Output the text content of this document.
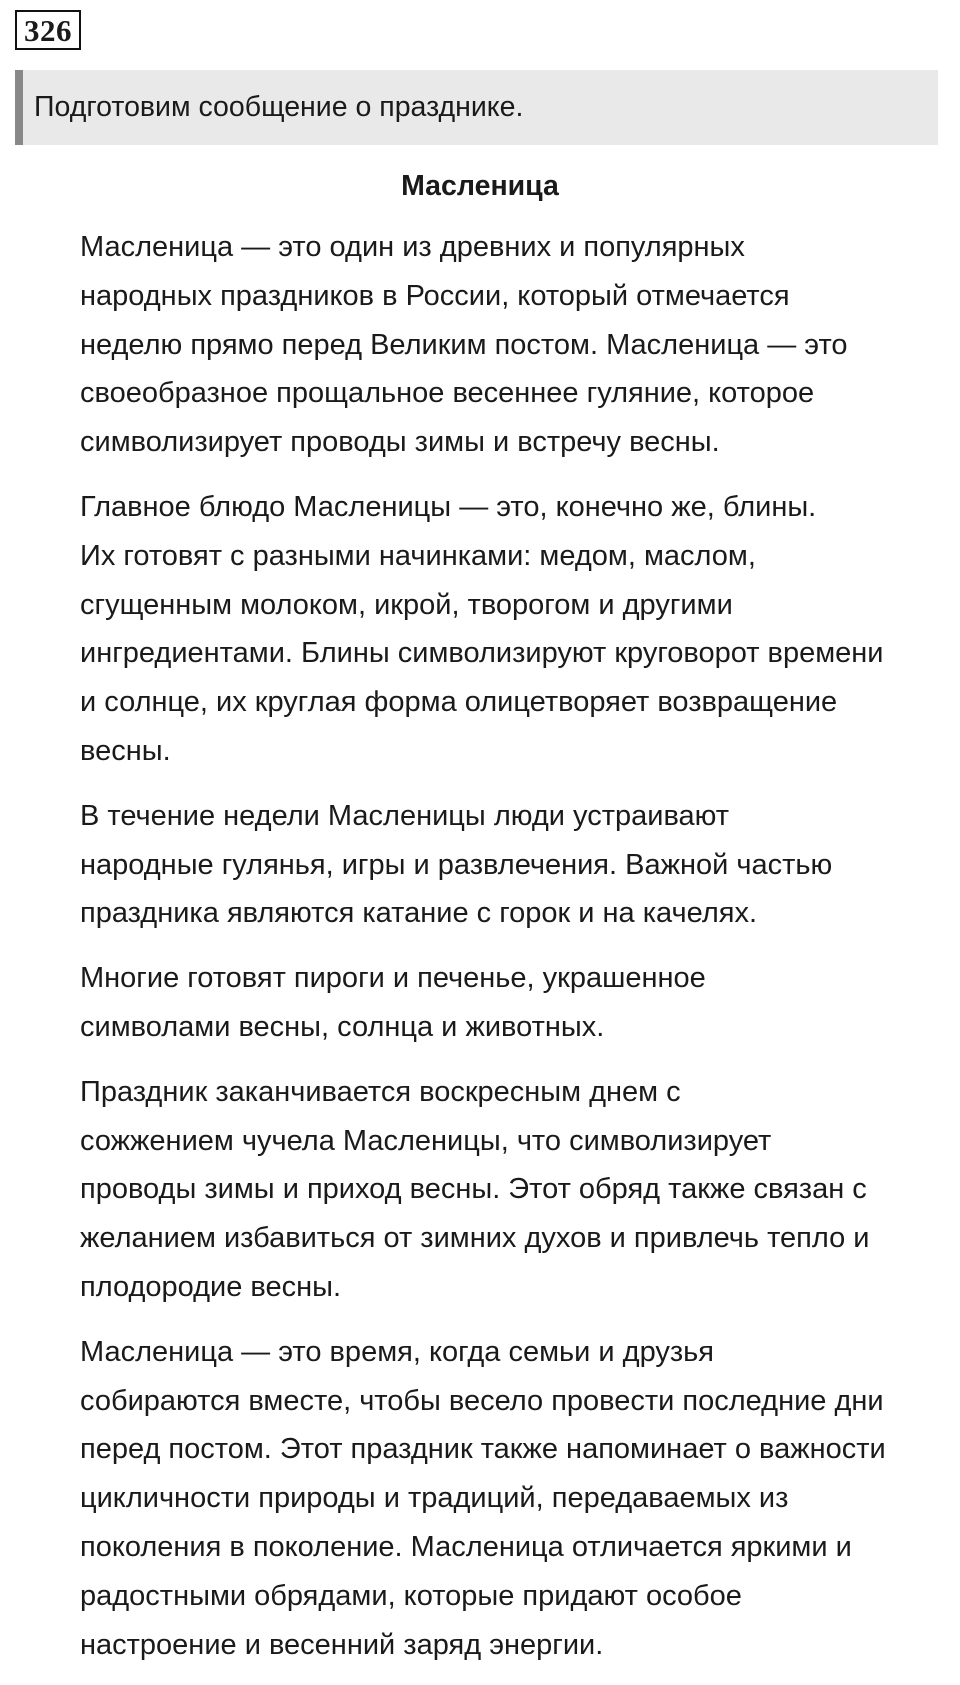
326
Подготовим сообщение о празднике.
Масленица

Масленица — это один из древних и популярных
народных праздников в России, который отмечается
неделю прямо перед Великим постом. Масленица — это
своеобразное прощальное весеннее гуляние, которое
символизирует проводы зимы и встречу весны.

Главное блюдо Масленицы — это, конечно же, блины.
Их готовят с разными начинками: медом, маслом,
сгущенным молоком, икрой, творогом и другими
ингредиентами. Блины символизируют круговорот времени
и солнце, их круглая форма олицетворяет возвращение
весны.

В течение недели Масленицы люди устраивают
народные гулянья, игры и развлечения. Важной частью
праздника являются катание с горок и на качелях.

Многие готовят пироги и печенье, украшенное
символами весны, солнца и животных.

Праздник заканчивается воскресным днем с
сожжением чучела Масленицы, что символизирует
проводы зимы и приход весны. Этот обряд также связан с
желанием избавиться от зимних духов и привлечь тепло и
плодородие весны.

Масленица — это время, когда семьи и друзья
собираются вместе, чтобы весело провести последние дни
перед постом. Этот праздник также напоминает о важности
цикличности природы и традиций, передаваемых из
поколения в поколение. Масленица отличается яркими и
радостными обрядами, которые придают особое
настроение и весенний заряд энергии.
